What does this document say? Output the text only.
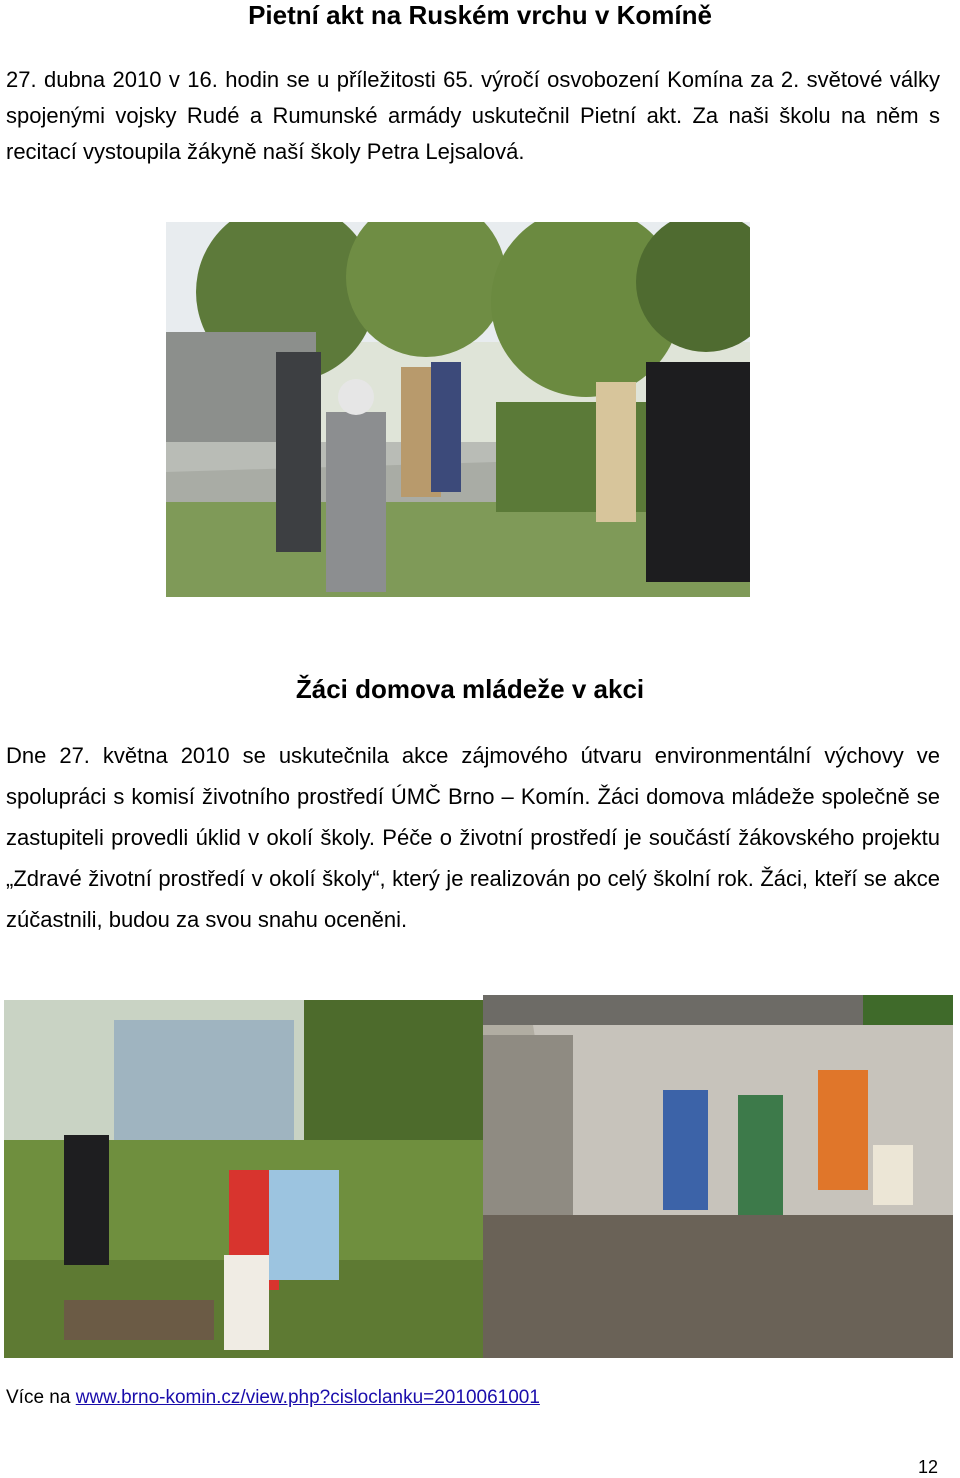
Pietní akt na Ruském vrchu v Komíně
27. dubna 2010 v 16. hodin se u příležitosti 65. výročí osvobození Komína za 2. světové války spojenými vojsky Rudé a Rumunské armády uskutečnil Pietní akt. Za naši školu na něm s recitací vystoupila žákyně naší školy Petra Lejsalová.
Žáci domova mládeže v akci
Dne 27. května 2010 se uskutečnila akce zájmového útvaru environmentální výchovy ve spolupráci s komisí životního prostředí ÚMČ Brno – Komín. Žáci domova mládeže společně se zastupiteli provedli úklid v okolí školy. Péče o životní prostředí je součástí žákovského projektu „Zdravé životní prostředí v okolí školy“, který je realizován po celý školní rok. Žáci, kteří se akce zúčastnili, budou za svou snahu oceněni.
Více na www.brno-komin.cz/view.php?cisloclanku=2010061001
12
